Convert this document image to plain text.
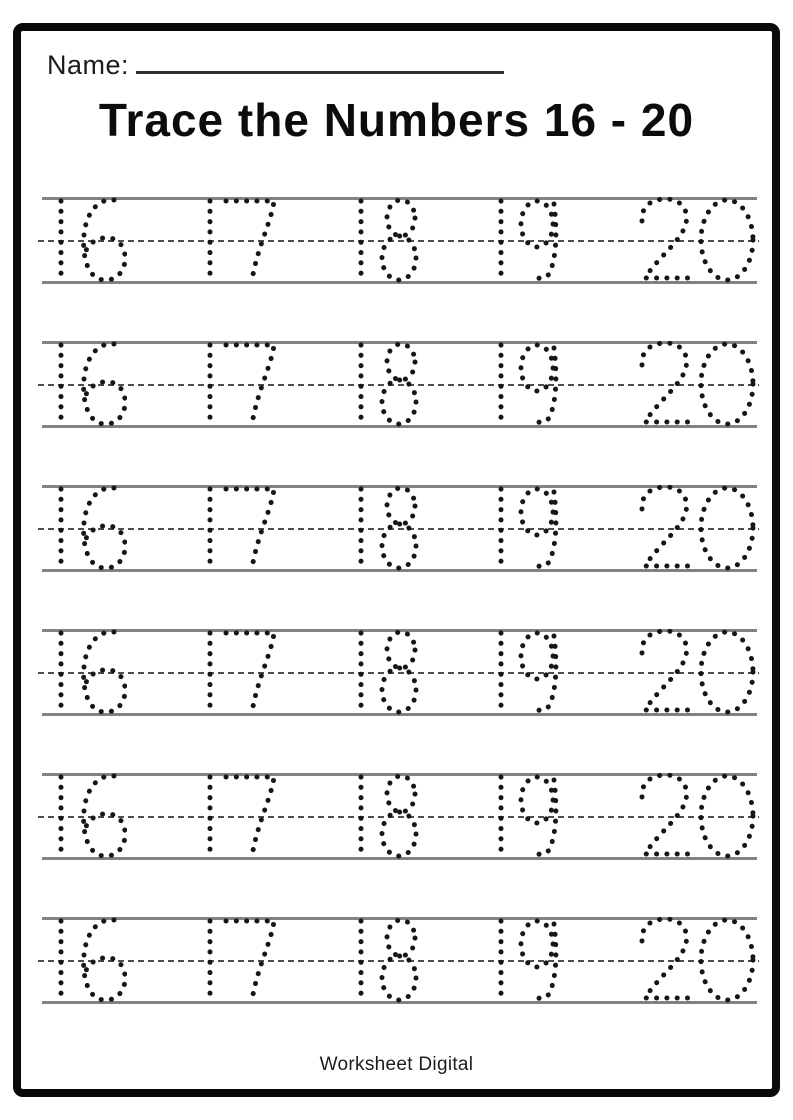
Name:
Trace the Numbers 16 - 20
Worksheet Digital
